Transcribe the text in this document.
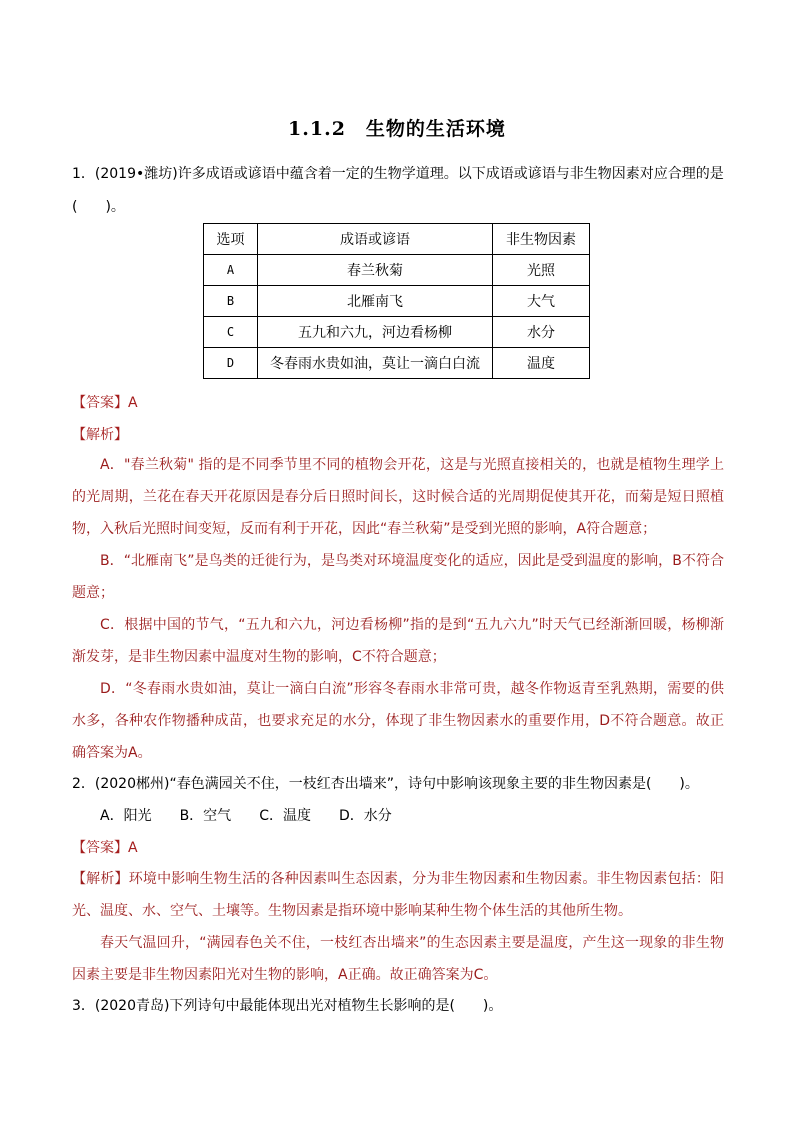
1.1.2　生物的生活环境
1．(2019•潍坊)许多成语或谚语中蕴含着一定的生物学道理。以下成语或谚语与非生物因素对应合理的是
(　　)。
选项	成语或谚语	非生物因素
A	春兰秋菊	光照
B	北雁南飞	大气
C	五九和六九，河边看杨柳	水分
D	冬春雨水贵如油，莫让一滴白白流	温度
【答案】A
【解析】
A．"春兰秋菊" 指的是不同季节里不同的植物会开花，这是与光照直接相关的，也就是植物生理学上的光周期，兰花在春天开花原因是春分后日照时间长，这时候合适的光周期促使其开花，而菊是短日照植物，入秋后光照时间变短，反而有利于开花，因此“春兰秋菊”是受到光照的影响，A符合题意；
B．“北雁南飞”是鸟类的迁徙行为，是鸟类对环境温度变化的适应，因此是受到温度的影响，B不符合题意；
C．根据中国的节气，“五九和六九，河边看杨柳”指的是到“五九六九”时天气已经渐渐回暖，杨柳渐渐发芽，是非生物因素中温度对生物的影响，C不符合题意；
D．“冬春雨水贵如油，莫让一滴白白流”形容冬春雨水非常可贵，越冬作物返青至乳熟期，需要的供水多，各种农作物播种成苗，也要求充足的水分，体现了非生物因素水的重要作用，D不符合题意。故正确答案为A。
2．(2020郴州)“春色满园关不住，一枝红杏出墙来”，诗句中影响该现象主要的非生物因素是(　　)。
A．阳光 B．空气 C．温度 D．水分
【答案】A
【解析】环境中影响生物生活的各种因素叫生态因素，分为非生物因素和生物因素。非生物因素包括：阳光、温度、水、空气、土壤等。生物因素是指环境中影响某种生物个体生活的其他所生物。
春天气温回升，“满园春色关不住，一枝红杏出墙来”的生态因素主要是温度，产生这一现象的非生物因素主要是非生物因素阳光对生物的影响，A正确。故正确答案为C。
3．(2020青岛)下列诗句中最能体现出光对植物生长影响的是(　　)。
